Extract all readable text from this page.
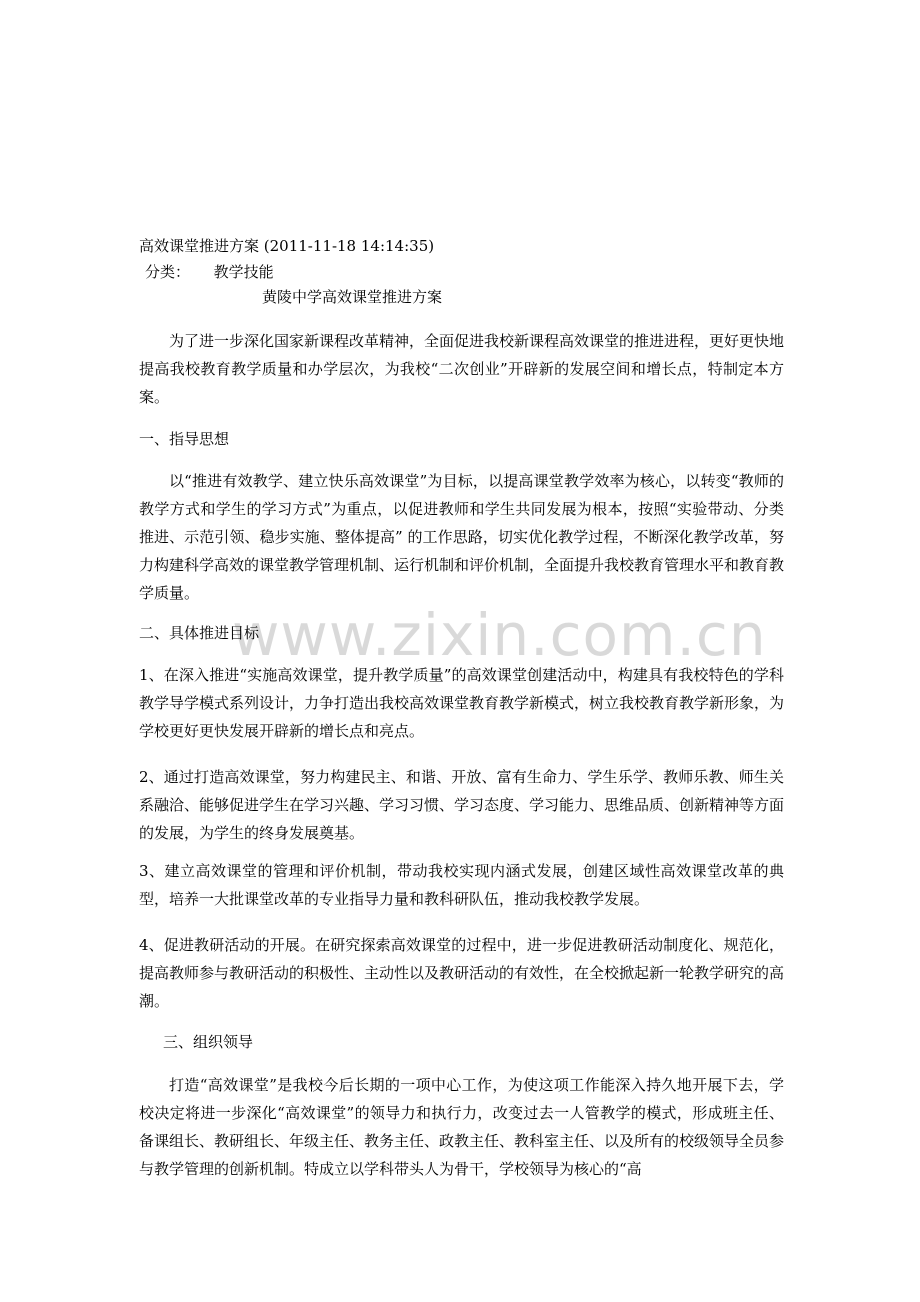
www.zixin.com.cn
高效课堂推进方案 (2011-11-18 14:14:35)
分类： 教学技能
黄陵中学高效课堂推进方案
为了进一步深化国家新课程改革精神，全面促进我校新课程高效课堂的推进进程，更好更快地提高我校教育教学质量和办学层次，为我校“二次创业”开辟新的发展空间和增长点，特制定本方案。
一、指导思想
以“推进有效教学、建立快乐高效课堂”为目标，以提高课堂教学效率为核心，以转变“教师的教学方式和学生的学习方式”为重点，以促进教师和学生共同发展为根本，按照“实验带动、分类推进、示范引领、稳步实施、整体提高” 的工作思路，切实优化教学过程，不断深化教学改革，努力构建科学高效的课堂教学管理机制、运行机制和评价机制，全面提升我校教育管理水平和教育教学质量。
二、具体推进目标
1、在深入推进“实施高效课堂，提升教学质量”的高效课堂创建活动中，构建具有我校特色的学科教学导学模式系列设计，力争打造出我校高效课堂教育教学新模式，树立我校教育教学新形象，为学校更好更快发展开辟新的增长点和亮点。
2、通过打造高效课堂，努力构建民主、和谐、开放、富有生命力、学生乐学、教师乐教、师生关系融洽、能够促进学生在学习兴趣、学习习惯、学习态度、学习能力、思维品质、创新精神等方面的发展，为学生的终身发展奠基。
3、建立高效课堂的管理和评价机制，带动我校实现内涵式发展，创建区域性高效课堂改革的典型，培养一大批课堂改革的专业指导力量和教科研队伍，推动我校教学发展。
4、促进教研活动的开展。在研究探索高效课堂的过程中，进一步促进教研活动制度化、规范化，提高教师参与教研活动的积极性、主动性以及教研活动的有效性，在全校掀起新一轮教学研究的高潮。
三、组织领导
打造“高效课堂”是我校今后长期的一项中心工作，为使这项工作能深入持久地开展下去，学校决定将进一步深化“高效课堂”的领导力和执行力，改变过去一人管教学的模式，形成班主任、备课组长、教研组长、年级主任、教务主任、政教主任、教科室主任、以及所有的校级领导全员参与教学管理的创新机制。特成立以学科带头人为骨干，学校领导为核心的“高
